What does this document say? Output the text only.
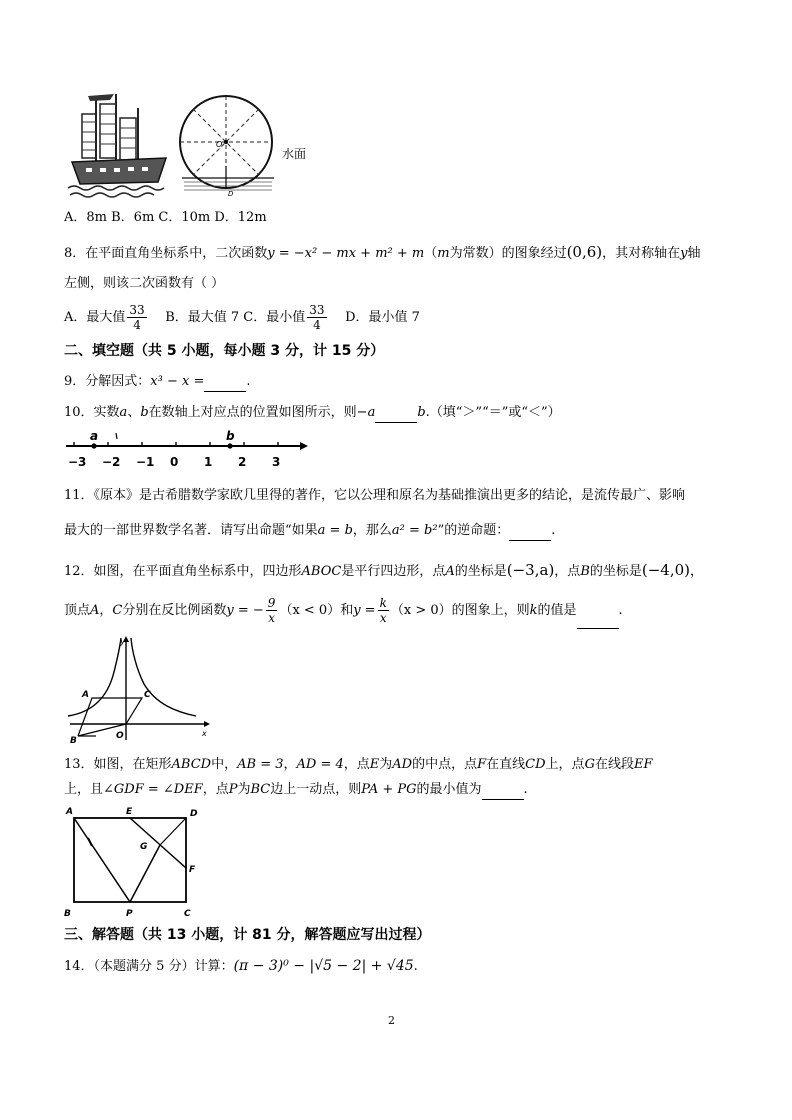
O
D
水面
A．8m B．6m C．10m D．12m
8．在平面直角坐标系中，二次函数y = −x² − mx + m² + m（m为常数）的图象经过(0,6)，其对称轴在y轴
左侧，则该二次函数有（ ）
A．最大值 $\frac{33}{4}$ B．最大值 7 C．最小值 $\frac{33}{4}$ D．最小值 7
二、填空题（共 5 小题，每小题 3 分，计 15 分）
9．分解因式：x³ − x =	.
10．实数a、b在数轴上对应点的位置如图所示，则−a	b.（填“＞”“＝”或“＜”）
−3 −2 −1 0 1 2 3
a	b
11．《原本》是古希腊数学家欧几里得的著作，它以公理和原名为基础推演出更多的结论，是流传最广、影响
最大的一部世界数学名著．请写出命题“如果a = b，那么a² = b²”的逆命题：	.
12．如图，在平面直角坐标系中，四边形ABOC是平行四边形，点A的坐标是(−3,a)，点B的坐标是(−4,0)，
顶点A，C分别在反比例函数y = − $\frac{9}{x} (x < 0)$和$y = \frac{k}{x} (x > 0)$的图象上，则k的值是	.
y
A	C
B	O	x
13．如图，在矩形ABCD中，AB = 3，AD = 4，点E为AD的中点，点F在直线CD上，点G在线段EF
上，且∠GDF = ∠DEF，点P为BC边上一动点，则PA + PG的最小值为	.
A	E	D
G
F
B	P	C
三、解答题（共 13 小题，计 81 分，解答题应写出过程）
14．（本题满分 5 分）计算：(π − 3)⁰ − |√5 − 2| + √45.
2
